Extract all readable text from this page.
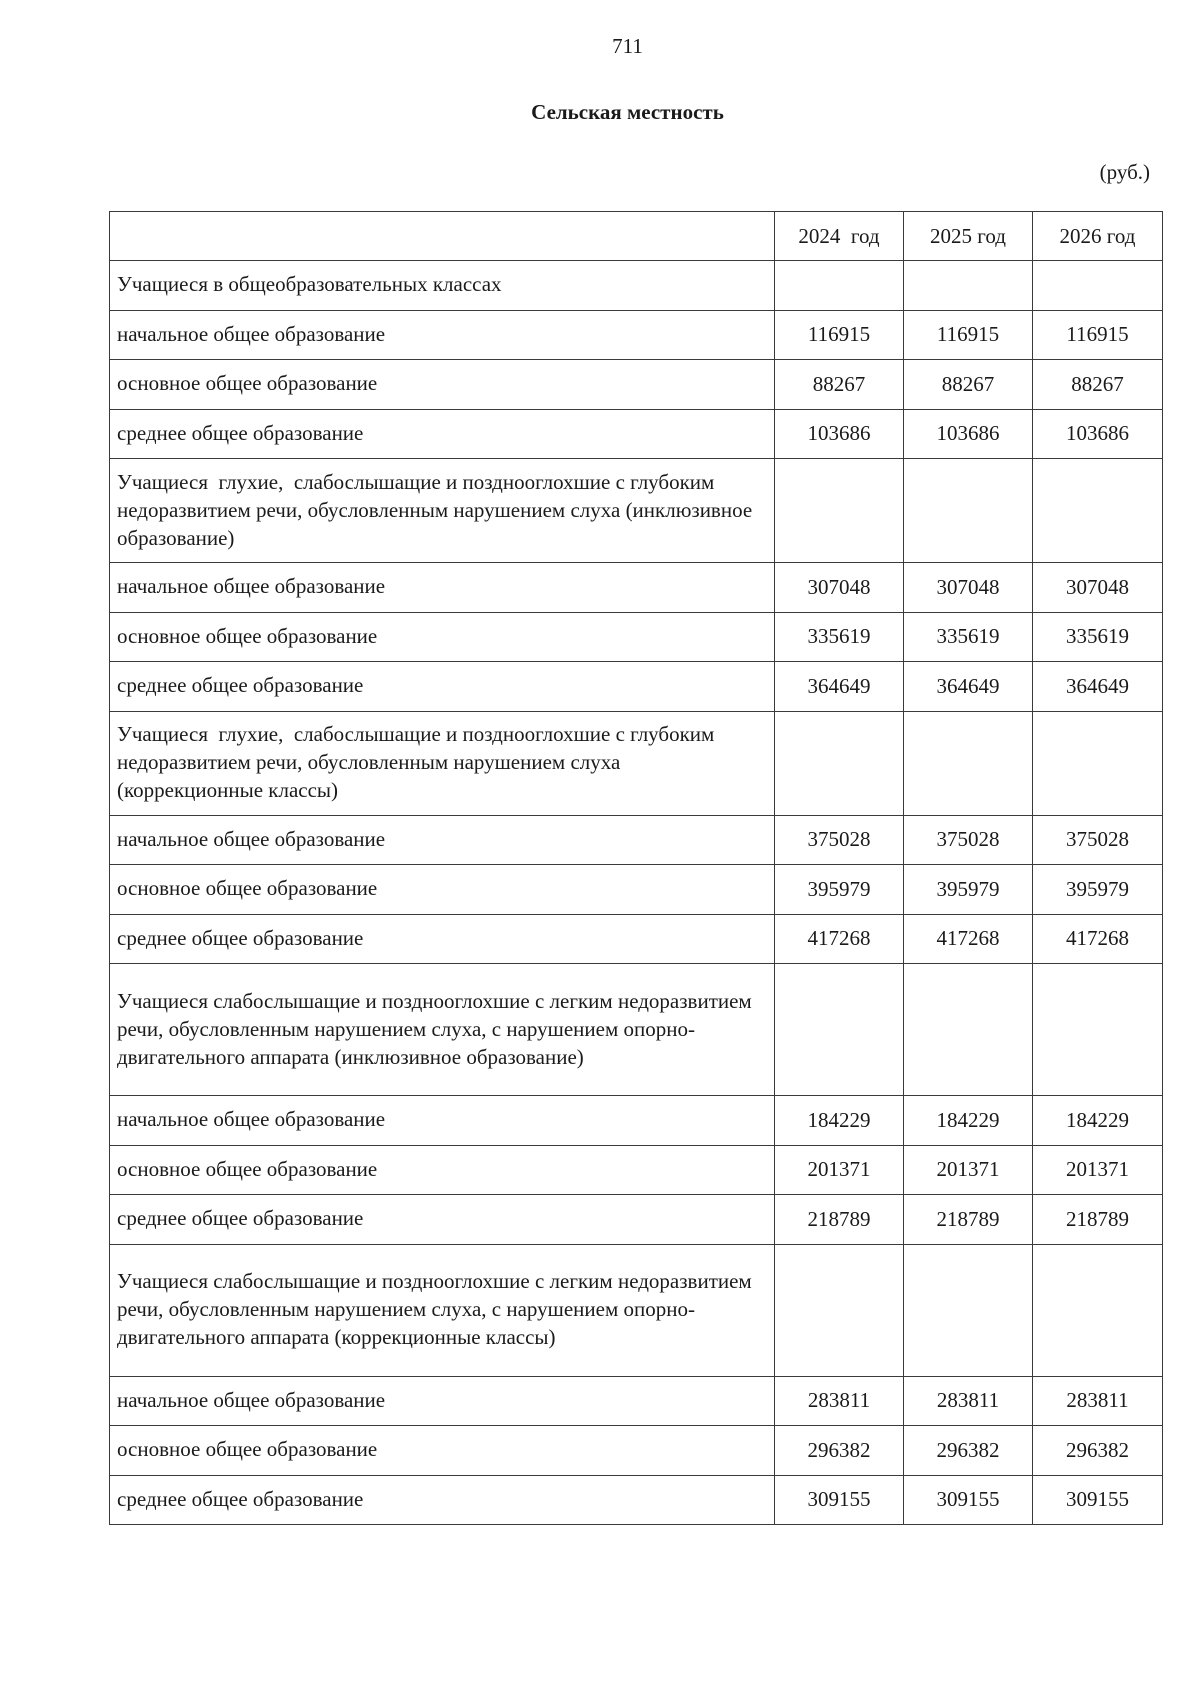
711
Сельская местность
(руб.)
	2024  год	2025 год	2026 год
Учащиеся в общеобразовательных классах			
начальное общее образование	116915	116915	116915
основное общее образование	88267	88267	88267
среднее общее образование	103686	103686	103686
Учащиеся  глухие,  слабослышащие и позднооглохшие с глубоким недоразвитием речи, обусловленным нарушением слуха (инклюзивное образование)			
начальное общее образование	307048	307048	307048
основное общее образование	335619	335619	335619
среднее общее образование	364649	364649	364649
Учащиеся  глухие,  слабослышащие и позднооглохшие с глубоким недоразвитием речи, обусловленным нарушением слуха (коррекционные классы)			
начальное общее образование	375028	375028	375028
основное общее образование	395979	395979	395979
среднее общее образование	417268	417268	417268
Учащиеся слабослышащие и позднооглохшие с легким недоразвитием речи, обусловленным нарушением слуха, с нарушением опорно-двигательного аппарата (инклюзивное образование)			
начальное общее образование	184229	184229	184229
основное общее образование	201371	201371	201371
среднее общее образование	218789	218789	218789
Учащиеся слабослышащие и позднооглохшие с легким недоразвитием речи, обусловленным нарушением слуха, с нарушением опорно-двигательного аппарата (коррекционные классы)			
начальное общее образование	283811	283811	283811
основное общее образование	296382	296382	296382
среднее общее образование	309155	309155	309155
